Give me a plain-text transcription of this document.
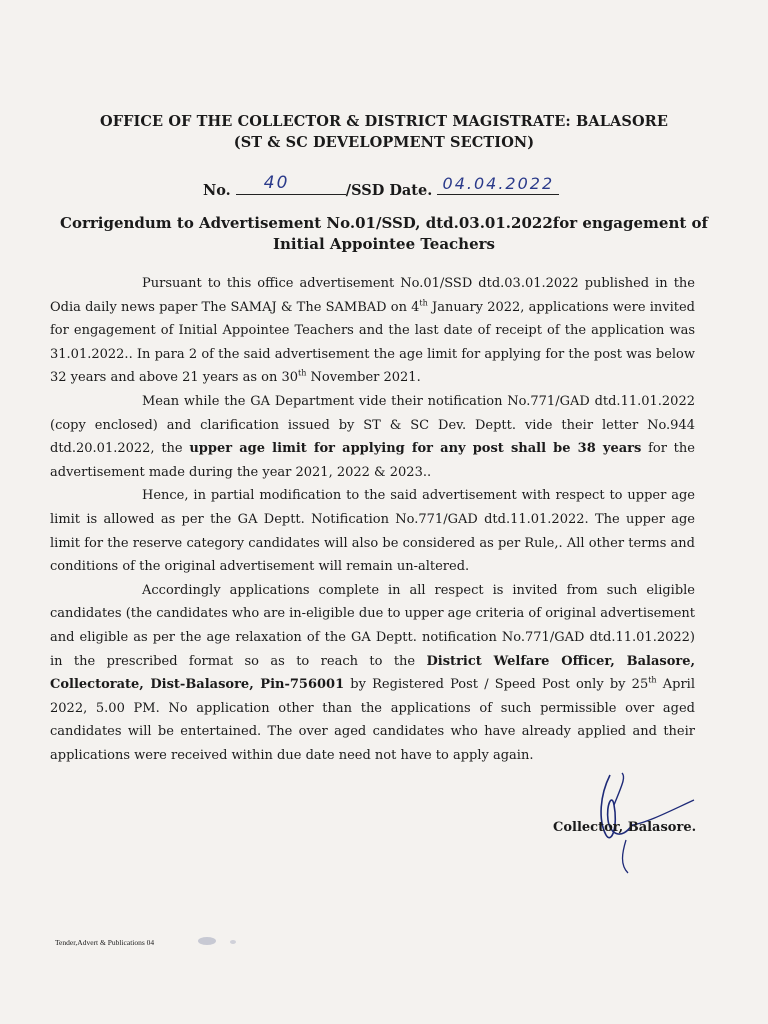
OFFICE OF THE COLLECTOR & DISTRICT MAGISTRATE: BALASORE
(ST & SC DEVELOPMENT SECTION)
No.	40	/SSD Date. 04.04.2022
Corrigendum to Advertisement No.01/SSD, dtd.03.01.2022for engagement of
Initial Appointee Teachers

Pursuant to this office advertisement No.01/SSD dtd.03.01.2022 published in the Odia daily news paper The SAMAJ & The SAMBAD on 4th January 2022, applications were invited for engagement of Initial Appointee Teachers and the last date of receipt of the application was 31.01.2022.. In para 2 of the said advertisement the age limit for applying for the post was below 32 years and above 21 years as on 30th November 2021.

Mean while the GA Department vide their notification No.771/GAD dtd.11.01.2022 (copy enclosed) and clarification issued by ST & SC Dev. Deptt. vide their letter No.944 dtd.20.01.2022, the upper age limit for applying for any post shall be 38 years for the advertisement made during the year 2021, 2022 & 2023..

Hence, in partial modification to the said advertisement with respect to upper age limit is allowed as per the GA Deptt. Notification No.771/GAD dtd.11.01.2022. The upper age limit for the reserve category candidates will also be considered as per Rule,. All other terms and conditions of the original advertisement will remain un-altered.

Accordingly applications complete in all respect is invited from such eligible candidates (the candidates who are in-eligible due to upper age criteria of original advertisement and eligible as per the age relaxation of the GA Deptt. notification No.771/GAD dtd.11.01.2022) in the prescribed format so as to reach to the District Welfare Officer, Balasore, Collectorate, Dist-Balasore, Pin-756001 by Registered Post / Speed Post only by 25th April 2022, 5.00 PM. No application other than the applications of such permissible over aged candidates will be entertained. The over aged candidates who have already applied and their applications were received within due date need not have to apply again.

Collector, Balasore.
Tender,Advert & Publications 04
